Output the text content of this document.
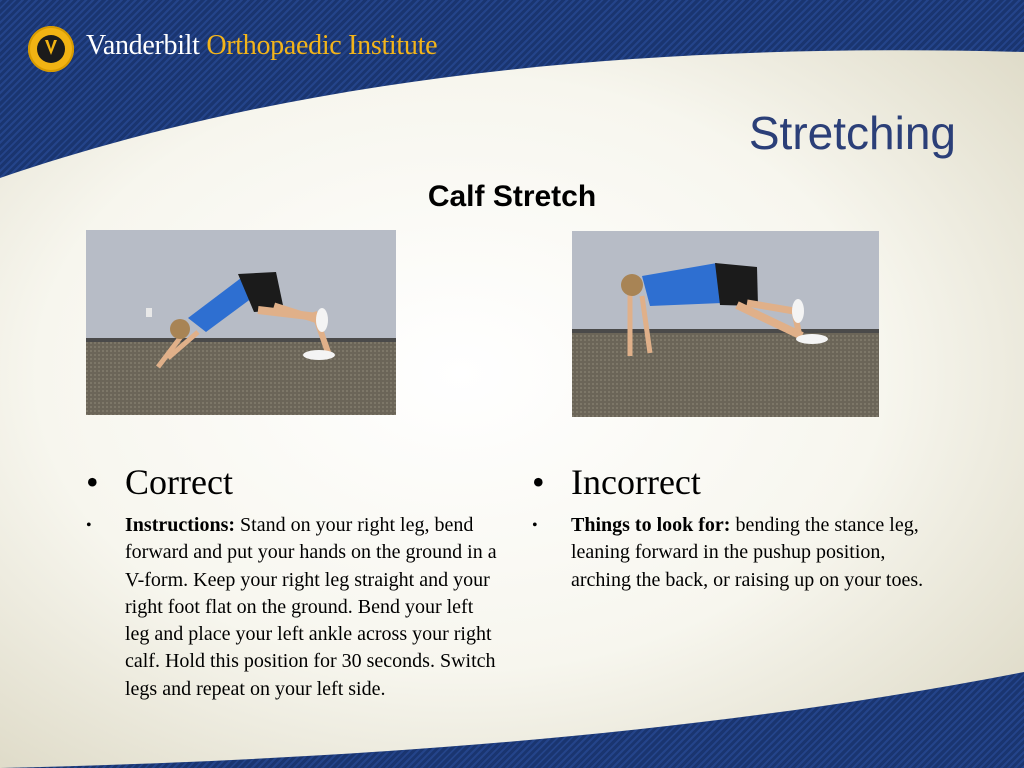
Vanderbilt Orthopaedic Institute
Stretching
Calf Stretch
• Correct
•	Instructions: Stand on your right leg, bend forward and put your hands on the ground in a V-form. Keep your right leg straight and your right foot flat on the ground. Bend your left leg and place your left ankle across your right calf. Hold this position for 30 seconds. Switch legs and repeat on your left side.
• Incorrect
•	Things to look for: bending the stance leg, leaning forward in the pushup position, arching the back, or raising up on your toes.
